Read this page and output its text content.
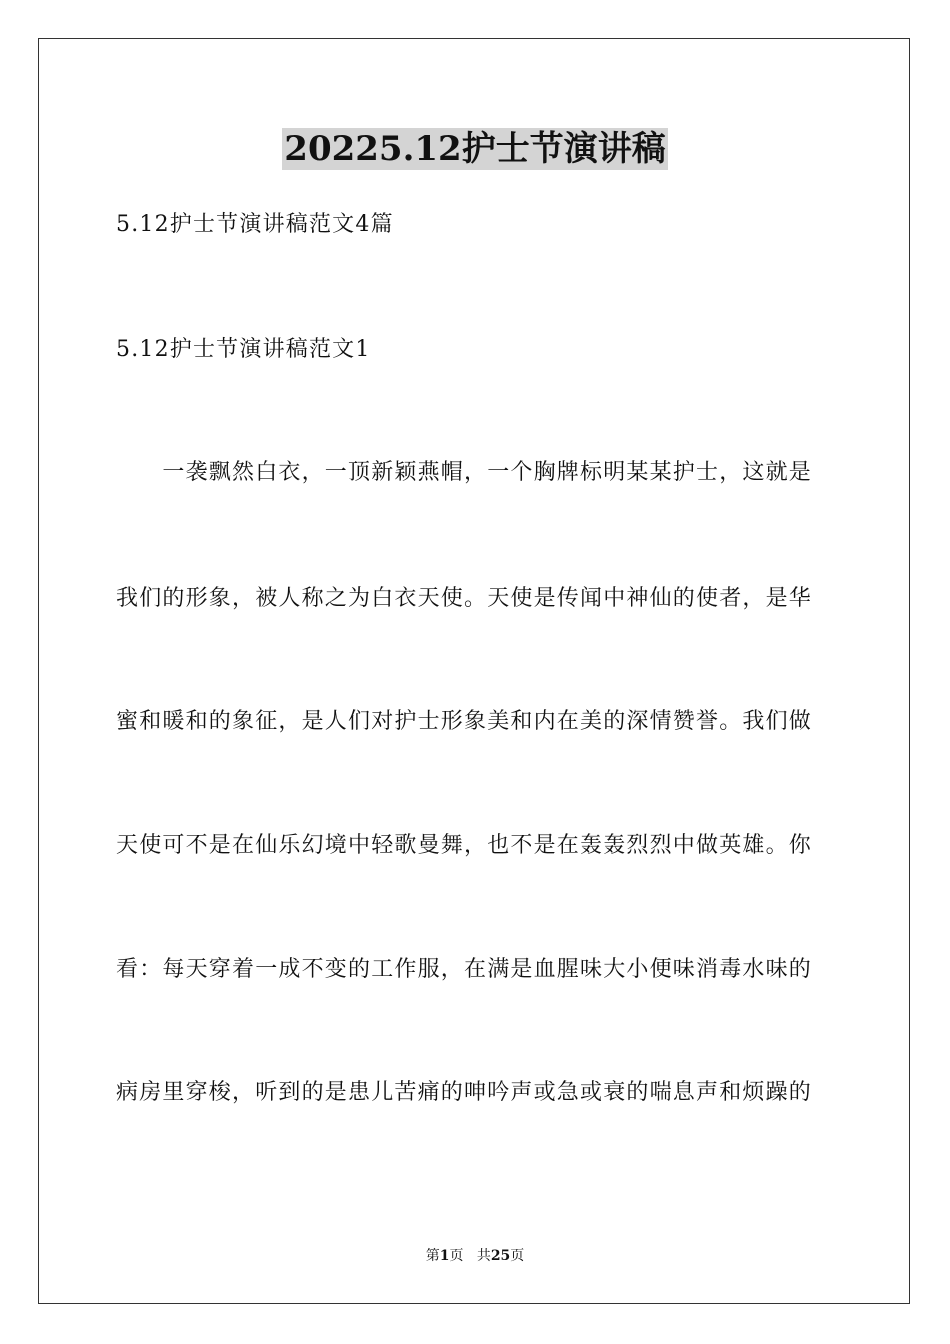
20225.12护士节演讲稿
5.12护士节演讲稿范文4篇
5.12护士节演讲稿范文1
　　一袭飘然白衣，一顶新颖燕帽，一个胸牌标明某某护士，这就是
我们的形象，被人称之为白衣天使。天使是传闻中神仙的使者，是华
蜜和暖和的象征，是人们对护士形象美和内在美的深情赞誉。我们做
天使可不是在仙乐幻境中轻歌曼舞，也不是在轰轰烈烈中做英雄。你
看：每天穿着一成不变的工作服，在满是血腥味大小便味消毒水味的
病房里穿梭，听到的是患儿苦痛的呻吟声或急或衰的喘息声和烦躁的
第1页 共25页
